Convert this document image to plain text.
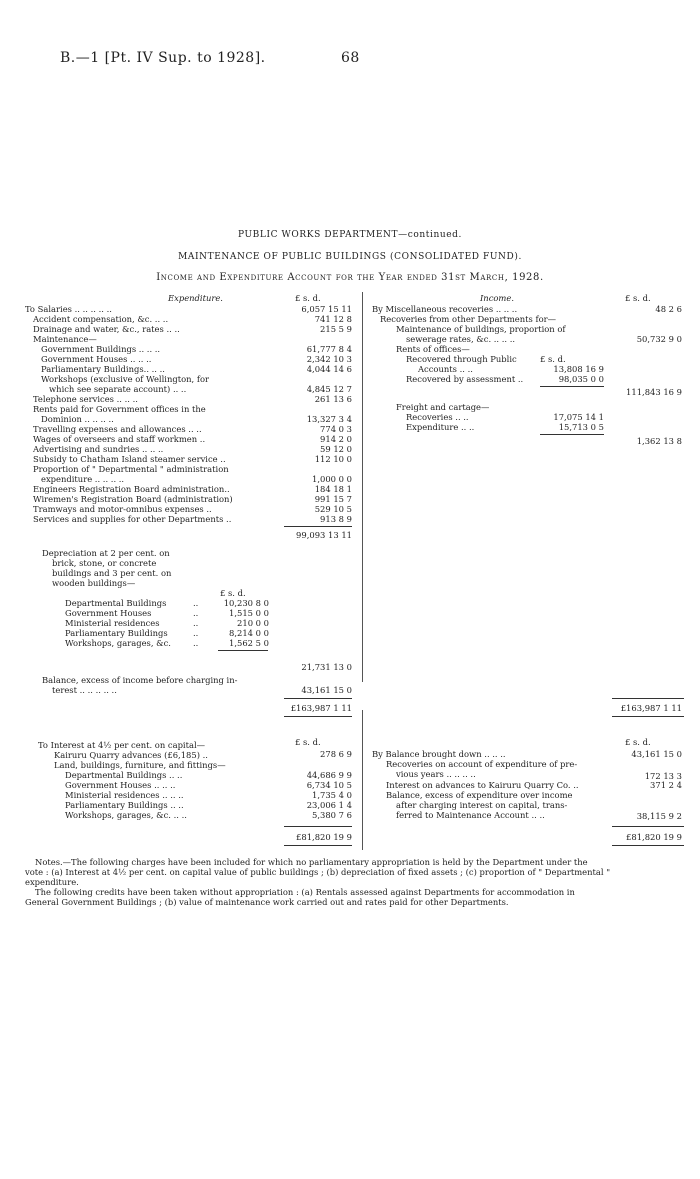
B.—1 [Pt. IV Sup. to 1928].	68
PUBLIC WORKS DEPARTMENT—continued.
MAINTENANCE OF PUBLIC BUILDINGS (CONSOLIDATED FUND).
Income and Expenditure Account for the Year ended 31st March, 1928.
Expenditure.	£ s. d.	Income.	£ s. d.
To Salaries .. .. .. .. ..	6,057 15 11
Accident compensation, &c. .. ..	741 12 8
Drainage and water, &c., rates .. ..	215 5 9
Maintenance—
Government Buildings .. .. ..	61,777 8 4
Government Houses .. .. ..	2,342 10 3
Parliamentary Buildings.. .. ..	4,044 14 6
Workshops (exclusive of Wellington, for
which see separate account) .. ..	4,845 12 7
Telephone services .. .. ..	261 13 6
Rents paid for Government offices in the
Dominion .. .. .. ..	13,327 3 4
Travelling expenses and allowances .. ..	774 0 3
Wages of overseers and staff workmen ..	914 2 0
Advertising and sundries .. .. ..	59 12 0
Subsidy to Chatham Island steamer service ..	112 10 0
Proportion of " Departmental " administration
expenditure .. .. .. ..	1,000 0 0
Engineers Registration Board administration..	184 18 1
Wiremen's Registration Board (administration)	991 15 7
Tramways and motor-omnibus expenses ..	529 10 5
Services and supplies for other Departments ..	913 8 9
99,093 13 11
Depreciation at 2 per cent. on
brick, stone, or concrete
buildings and 3 per cent. on
wooden buildings—
£ s. d.
Departmental Buildings	..	10,230 8 0
Government Houses	..	1,515 0 0
Ministerial residences	..	210 0 0
Parliamentary Buildings	..	8,214 0 0
Workshops, garages, &c.	..	1,562 5 0
21,731 13 0
Balance, excess of income before charging in-
terest .. .. .. .. ..	43,161 15 0
£163,987 1 11
By Miscellaneous recoveries .. .. ..	48 2 6
Recoveries from other Departments for—
Maintenance of buildings, proportion of
sewerage rates, &c. .. .. ..	50,732 9 0
Rents of offices—
£ s. d.
Recovered through Public
Accounts .. ..	13,808 16 9
Recovered by assessment ..	98,035 0 0
111,843 16 9
Freight and cartage—
Recoveries .. ..	17,075 14 1
Expenditure .. ..	15,713 0 5
1,362 13 8
£163,987 1 11
To Interest at 4½ per cent. on capital—	£ s. d.
Kairuru Quarry advances (£6,185) ..	278 6 9
Land, buildings, furniture, and fittings—
Departmental Buildings .. ..	44,686 9 9
Government Houses .. .. ..	6,734 10 5
Ministerial residences .. .. ..	1,735 4 0
Parliamentary Buildings .. ..	23,006 1 4
Workshops, garages, &c. .. ..	5,380 7 6
£81,820 19 9
£ s. d.
By Balance brought down .. .. ..	43,161 15 0
Recoveries on account of expenditure of pre-
vious years .. .. .. ..	172 13 3
Interest on advances to Kairuru Quarry Co. ..	371 2 4
Balance, excess of expenditure over income
after charging interest on capital, trans-
ferred to Maintenance Account .. ..	38,115 9 2
£81,820 19 9
Notes.—The following charges have been included for which no parliamentary appropriation is held by the Department under the
vote : (a) Interest at 4½ per cent. on capital value of public buildings ; (b) depreciation of fixed assets ; (c) proportion of " Departmental "
expenditure.
The following credits have been taken without appropriation : (a) Rentals assessed against Departments for accommodation in
General Government Buildings ; (b) value of maintenance work carried out and rates paid for other Departments.
